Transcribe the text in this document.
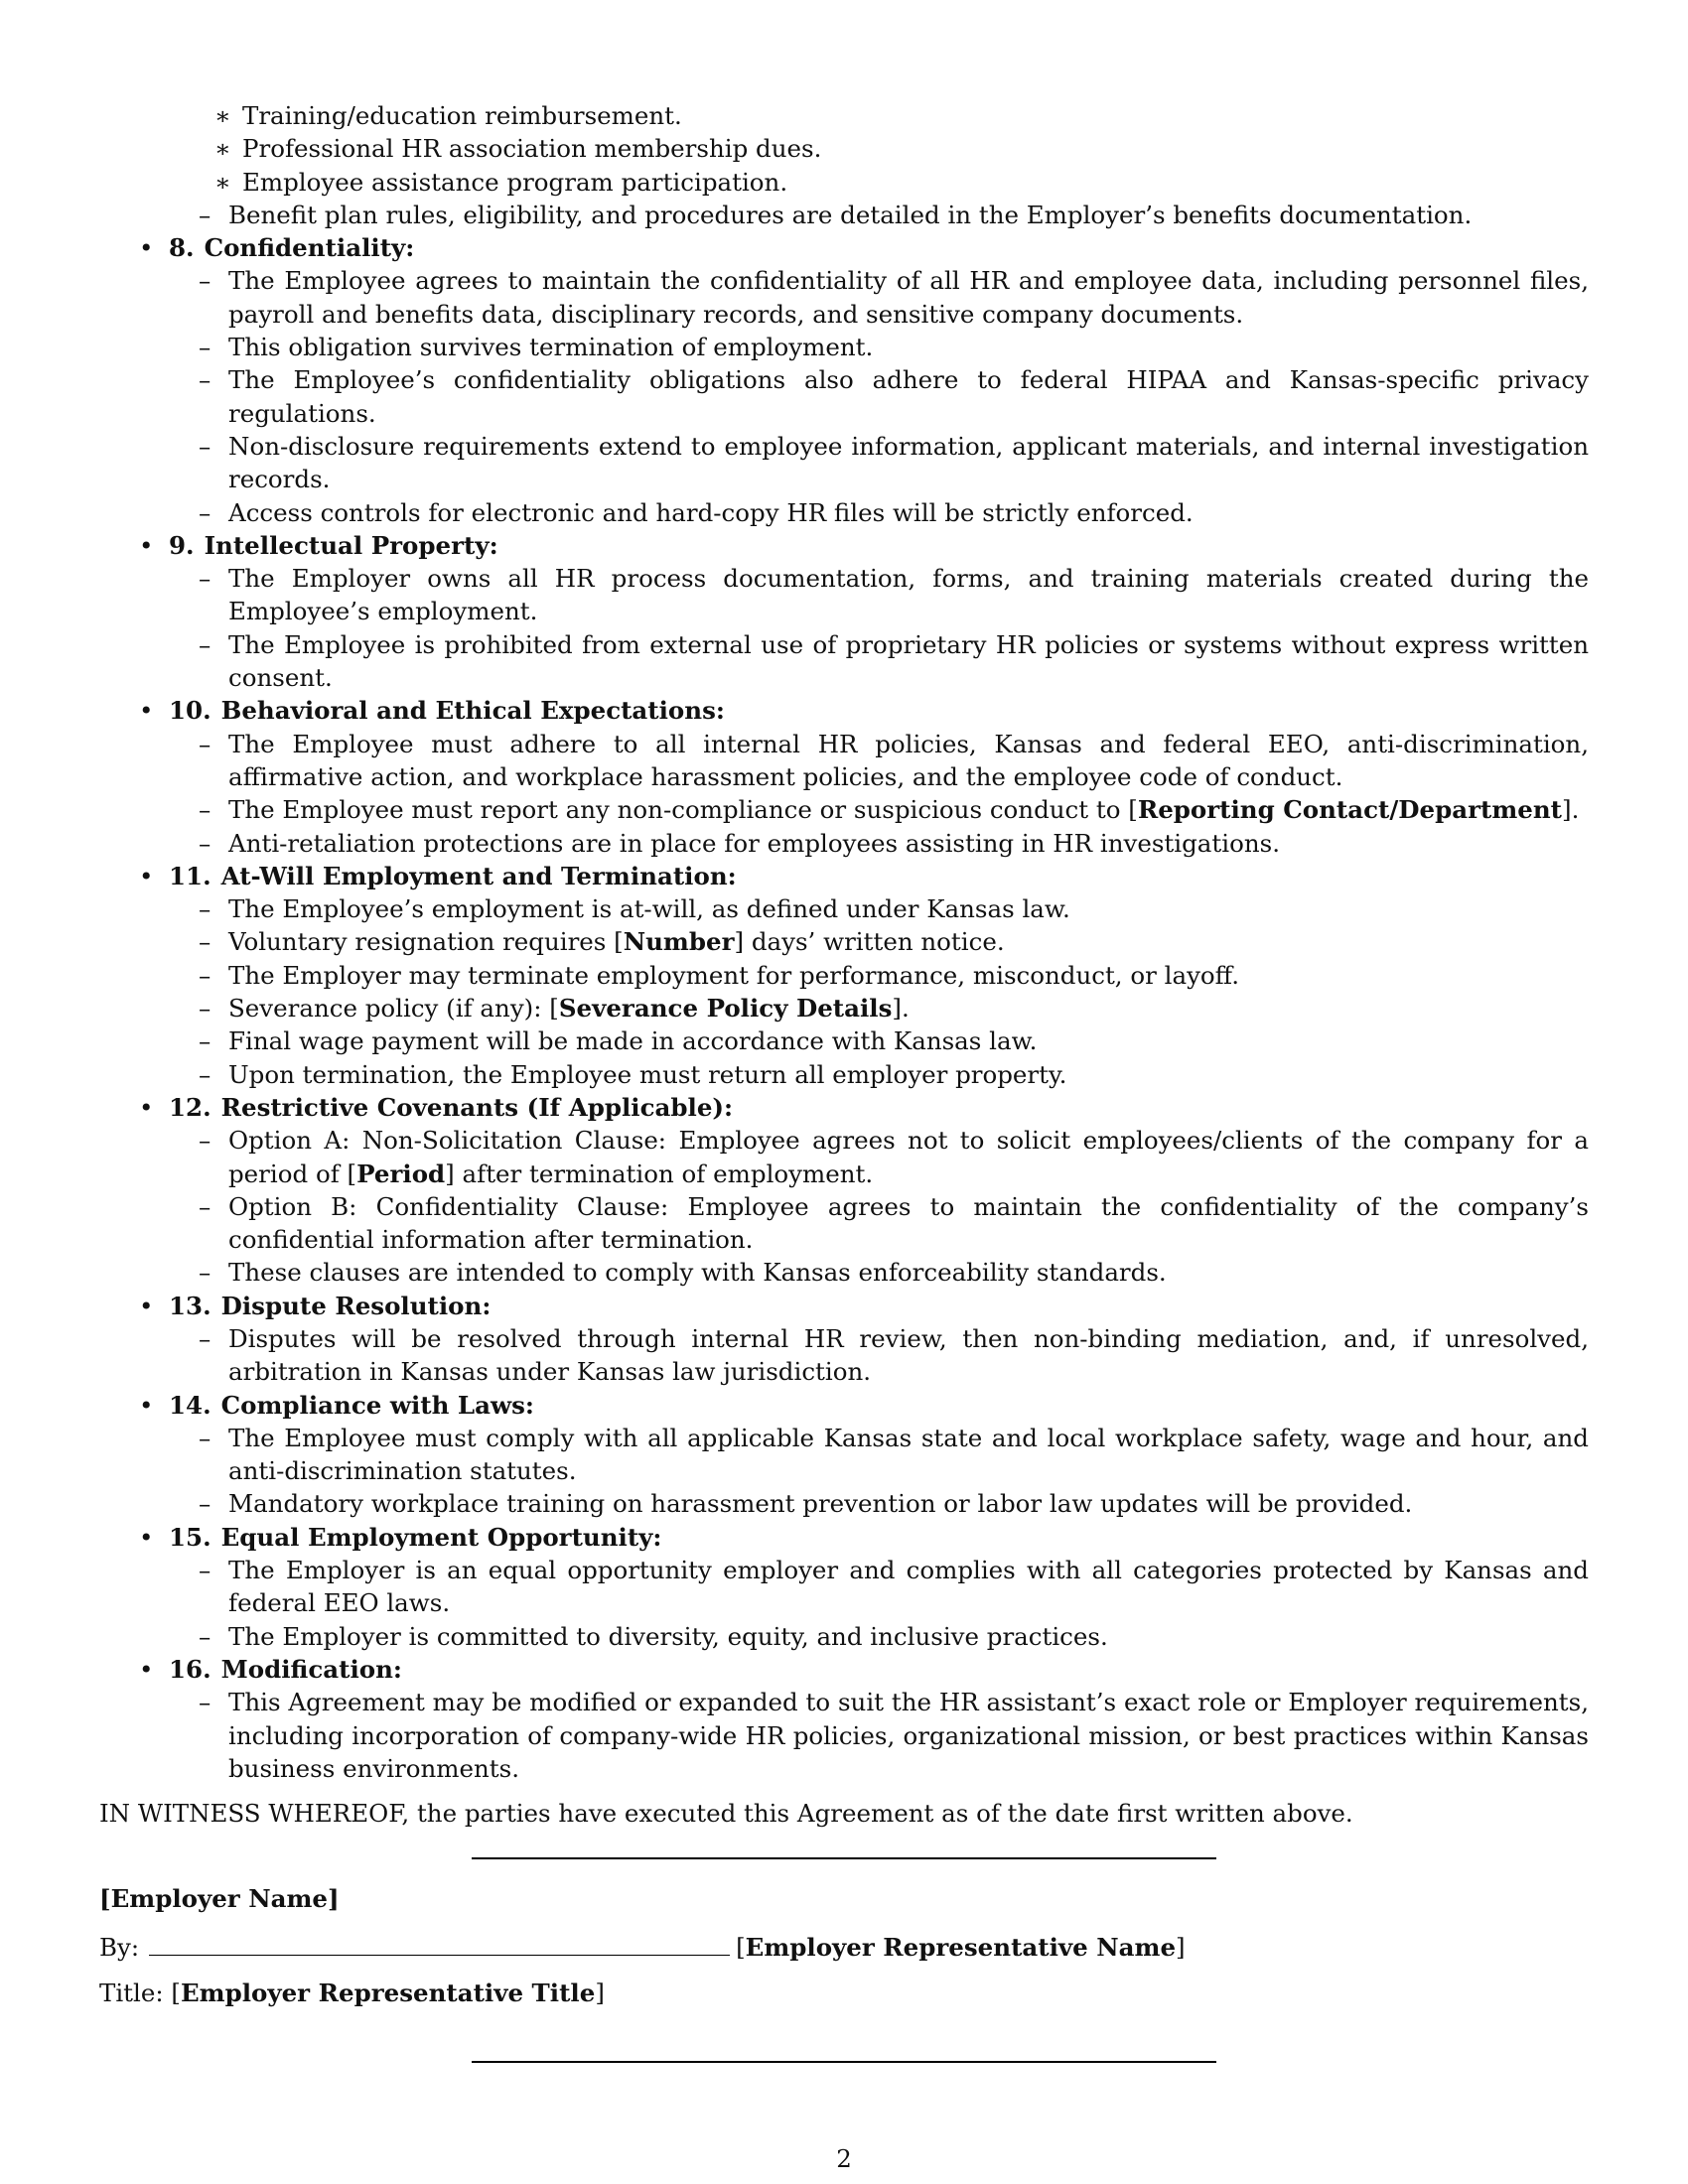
∗ Training/education reimbursement.
∗ Professional HR association membership dues.
∗ Employee assistance program participation.
– Benefit plan rules, eligibility, and procedures are detailed in the Employer’s benefits documentation.
• 8. Confidentiality:
– The Employee agrees to maintain the confidentiality of all HR and employee data, including personnel files, payroll and benefits data, disciplinary records, and sensitive company documents.
– This obligation survives termination of employment.
– The Employee’s confidentiality obligations also adhere to federal HIPAA and Kansas-specific privacy regulations.
– Non-disclosure requirements extend to employee information, applicant materials, and internal investigation records.
– Access controls for electronic and hard-copy HR files will be strictly enforced.
• 9. Intellectual Property:
– The Employer owns all HR process documentation, forms, and training materials created during the Employee’s employment.
– The Employee is prohibited from external use of proprietary HR policies or systems without express written consent.
• 10. Behavioral and Ethical Expectations:
– The Employee must adhere to all internal HR policies, Kansas and federal EEO, anti-discrimination, affirmative action, and workplace harassment policies, and the employee code of conduct.
– The Employee must report any non-compliance or suspicious conduct to [Reporting Contact/Department].
– Anti-retaliation protections are in place for employees assisting in HR investigations.
• 11. At-Will Employment and Termination:
– The Employee’s employment is at-will, as defined under Kansas law.
– Voluntary resignation requires [Number] days’ written notice.
– The Employer may terminate employment for performance, misconduct, or layoff.
– Severance policy (if any): [Severance Policy Details].
– Final wage payment will be made in accordance with Kansas law.
– Upon termination, the Employee must return all employer property.
• 12. Restrictive Covenants (If Applicable):
– Option A: Non-Solicitation Clause: Employee agrees not to solicit employees/clients of the company for a period of [Period] after termination of employment.
– Option B: Confidentiality Clause: Employee agrees to maintain the confidentiality of the company’s confidential information after termination.
– These clauses are intended to comply with Kansas enforceability standards.
• 13. Dispute Resolution:
– Disputes will be resolved through internal HR review, then non-binding mediation, and, if unresolved, arbitration in Kansas under Kansas law jurisdiction.
• 14. Compliance with Laws:
– The Employee must comply with all applicable Kansas state and local workplace safety, wage and hour, and anti-discrimination statutes.
– Mandatory workplace training on harassment prevention or labor law updates will be provided.
• 15. Equal Employment Opportunity:
– The Employer is an equal opportunity employer and complies with all categories protected by Kansas and federal EEO laws.
– The Employer is committed to diversity, equity, and inclusive practices.
• 16. Modification:
– This Agreement may be modified or expanded to suit the HR assistant’s exact role or Employer requirements, including incorporation of company-wide HR policies, organizational mission, or best practices within Kansas business environments.
IN WITNESS WHEREOF, the parties have executed this Agreement as of the date first written above.
[Employer Name]
By:	[Employer Representative Name]
Title: [Employer Representative Title]
2
